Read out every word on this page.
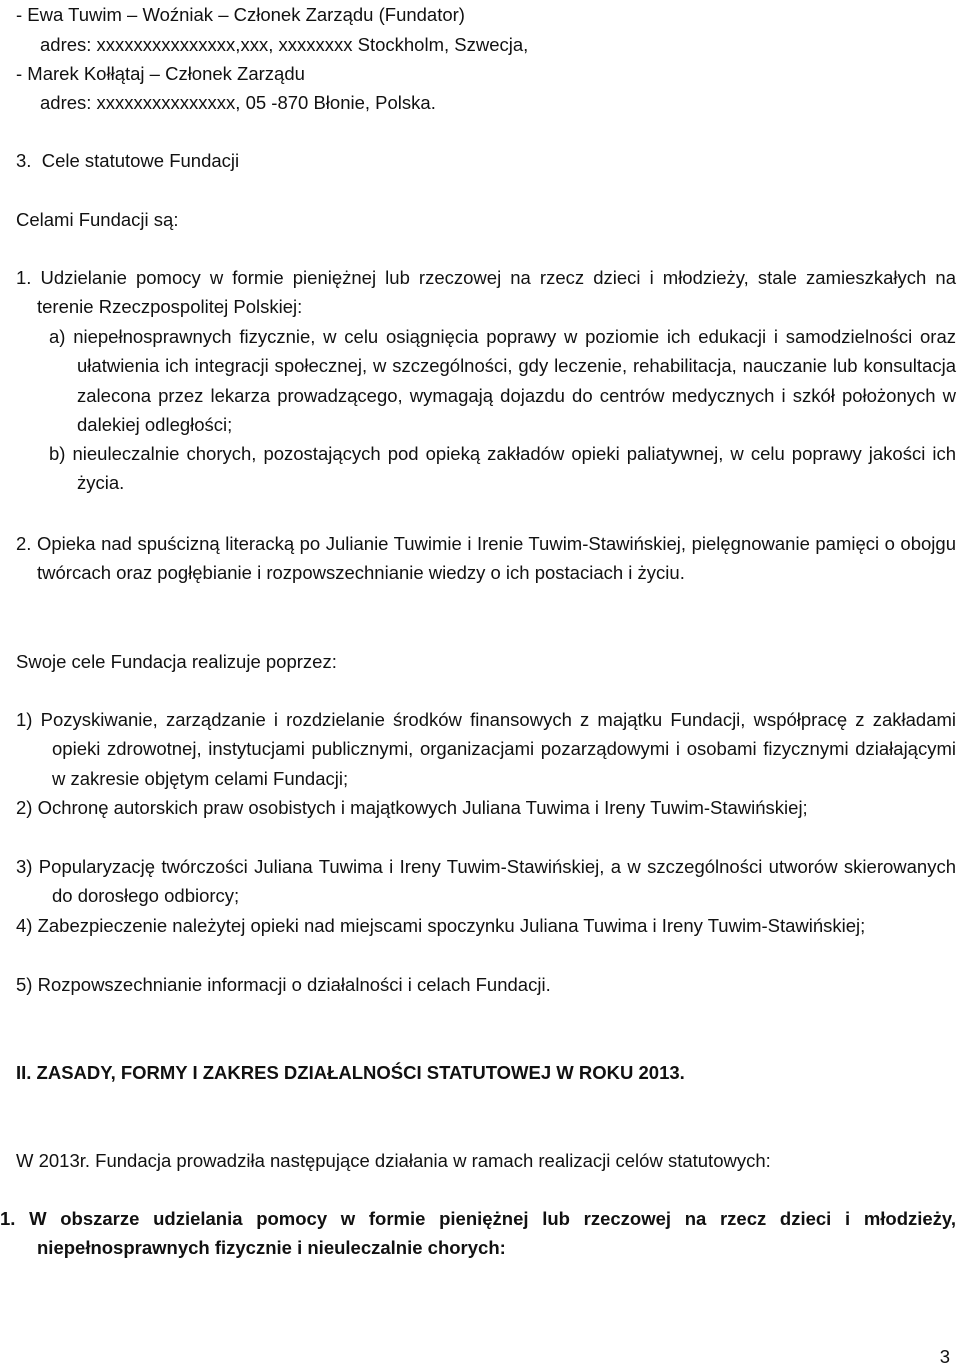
- Ewa Tuwim – Woźniak – Członek Zarządu (Fundator)

adres: xxxxxxxxxxxxxxx,xxx, xxxxxxxx Stockholm, Szwecja,

- Marek Kołłątaj – Członek Zarządu

adres: xxxxxxxxxxxxxxx, 05 -870 Błonie, Polska.

3.  Cele statutowe Fundacji

Celami Fundacji są:

1. Udzielanie pomocy w formie pieniężnej lub rzeczowej na rzecz dzieci i młodzieży, stale zamieszkałych na terenie Rzeczpospolitej Polskiej:

a) niepełnosprawnych fizycznie, w celu osiągnięcia poprawy w poziomie ich edukacji i samodzielności oraz ułatwienia ich integracji społecznej, w szczególności, gdy leczenie, rehabilitacja, nauczanie lub konsultacja zalecona przez lekarza prowadzącego, wymagają dojazdu do centrów medycznych i szkół położonych w dalekiej odległości;

b) nieuleczalnie chorych, pozostających pod opieką zakładów opieki paliatywnej, w celu poprawy jakości ich życia.

2. Opieka nad spuścizną literacką po Julianie Tuwimie i Irenie Tuwim-Stawińskiej, pielęgnowanie pamięci o obojgu twórcach oraz pogłębianie i rozpowszechnianie wiedzy o ich postaciach i życiu.

Swoje cele Fundacja realizuje poprzez:

1) Pozyskiwanie, zarządzanie i rozdzielanie środków finansowych z majątku Fundacji, współpracę z zakładami opieki zdrowotnej, instytucjami publicznymi, organizacjami pozarządowymi i osobami fizycznymi działającymi w zakresie objętym celami Fundacji;

2) Ochronę autorskich praw osobistych i majątkowych Juliana Tuwima i Ireny Tuwim-Stawińskiej;

3) Popularyzację twórczości Juliana Tuwima i Ireny Tuwim-Stawińskiej, a w szczególności utworów skierowanych do dorosłego odbiorcy;

4) Zabezpieczenie należytej opieki nad miejscami spoczynku Juliana Tuwima i Ireny Tuwim-Stawińskiej;

5) Rozpowszechnianie informacji o działalności i celach Fundacji.

II. ZASADY, FORMY I ZAKRES DZIAŁALNOŚCI STATUTOWEJ W ROKU 2013.

W 2013r. Fundacja prowadziła następujące działania w ramach realizacji celów statutowych:

1. W obszarze udzielania pomocy w formie pieniężnej lub rzeczowej na rzecz dzieci i młodzieży, niepełnosprawnych fizycznie i nieuleczalnie chorych:

3
